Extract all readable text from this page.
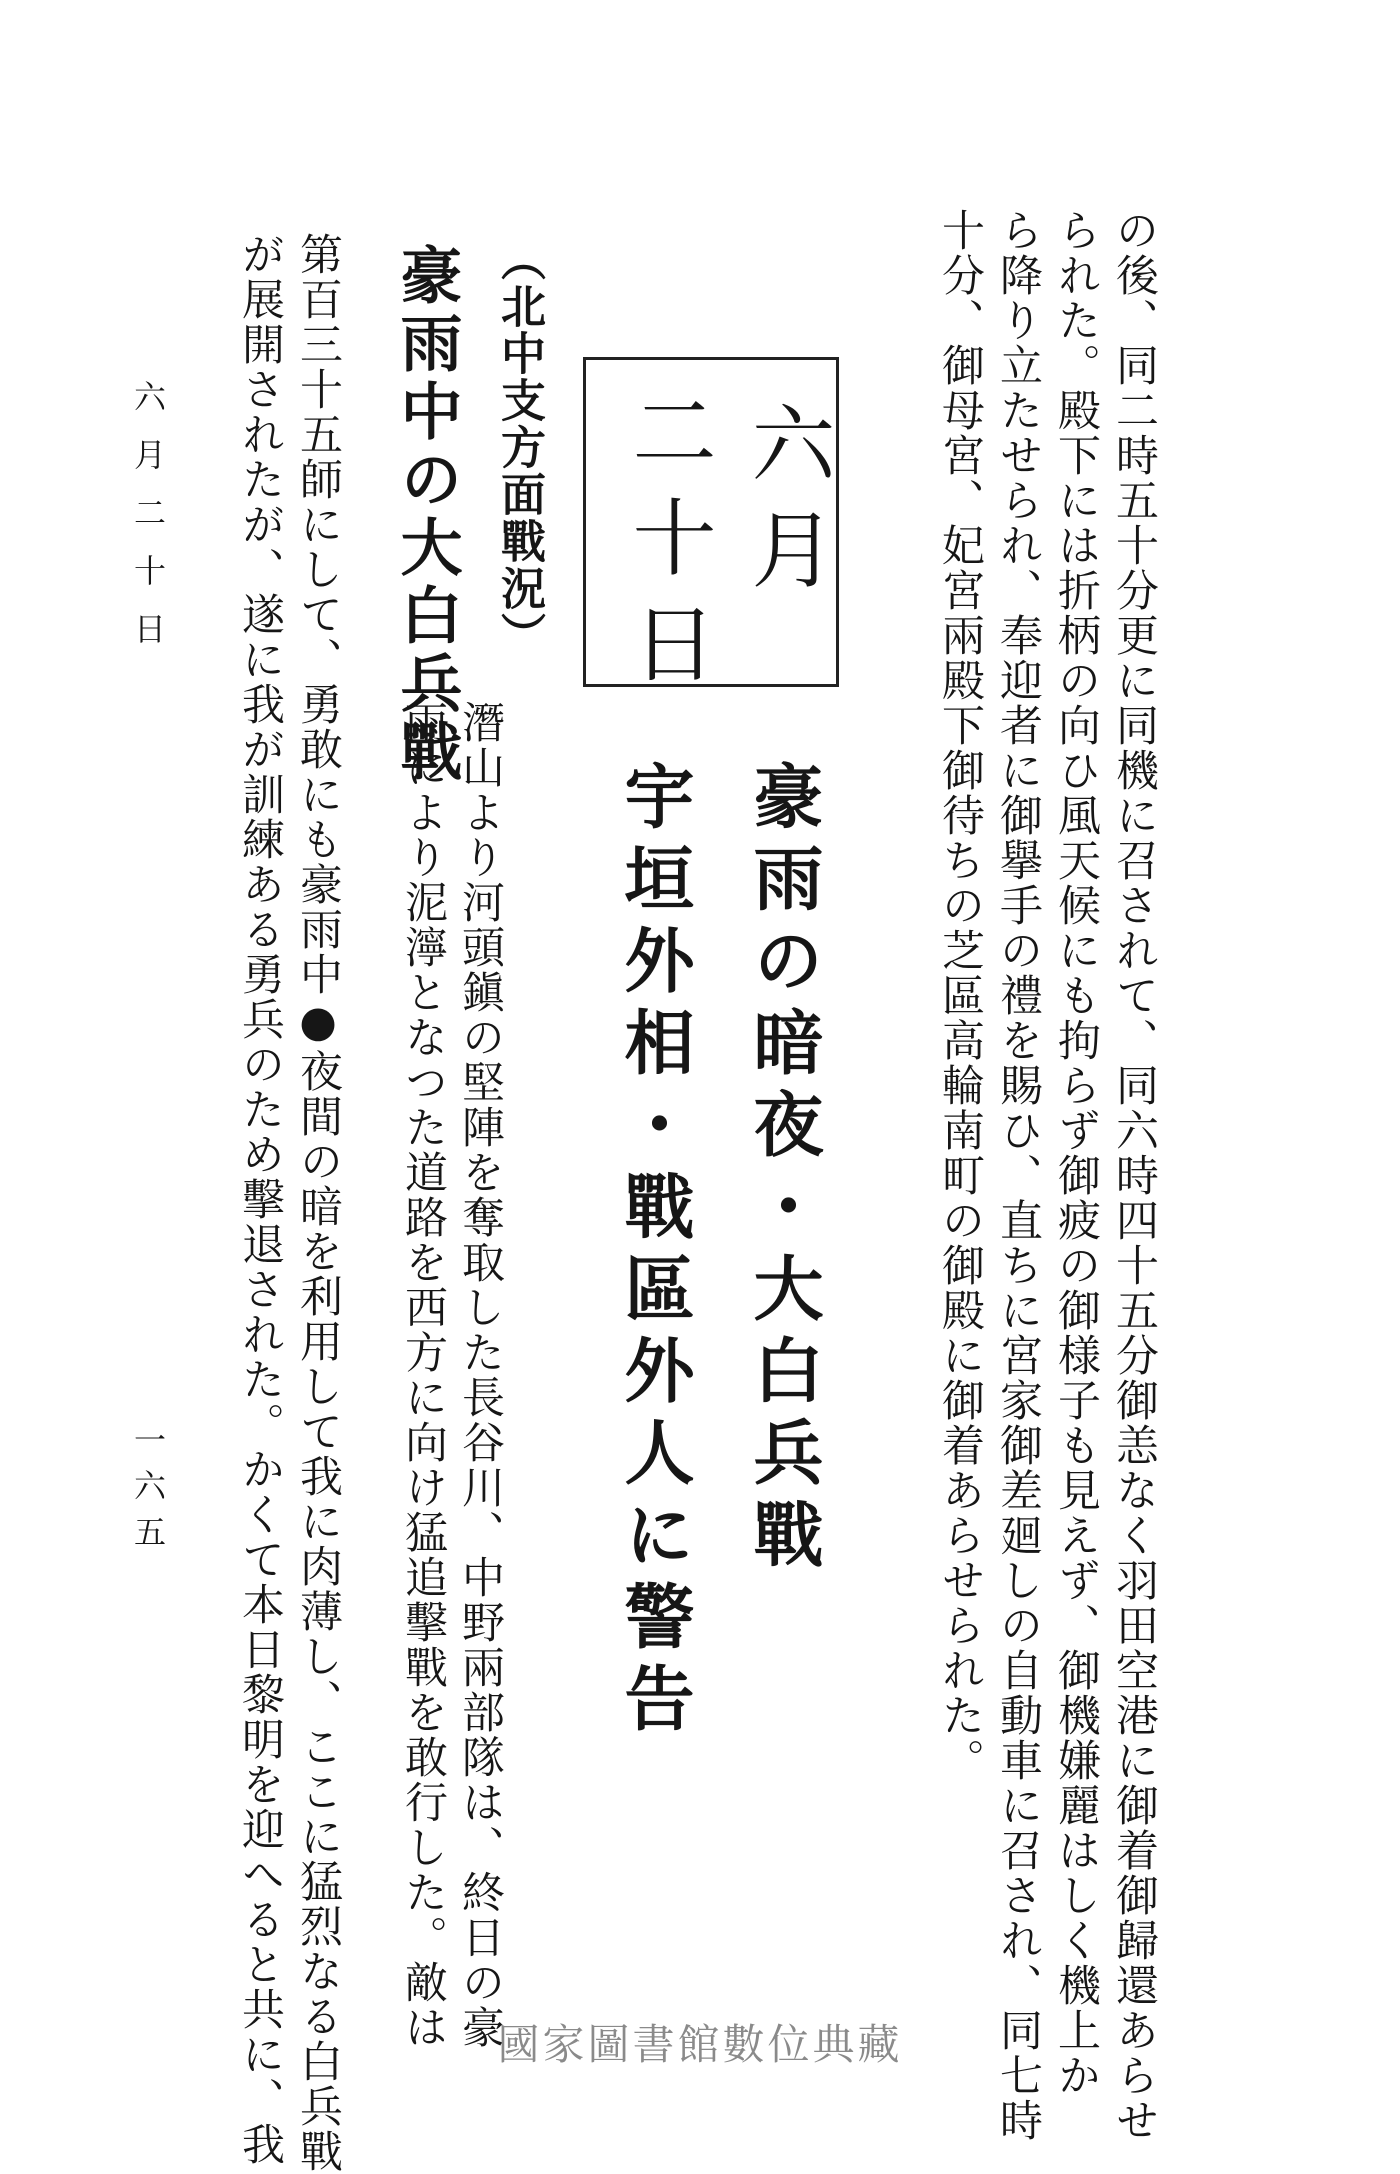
の後、同二時五十分更に同機に召されて、同六時四十五分御恙なく羽田空港に御着御歸還あらせ

られた。殿下には折柄の向ひ風天候にも拘らず御疲の御様子も見えず、御機嫌麗はしく機上か

ら降り立たせられ、奉迎者に御擧手の禮を賜ひ、直ちに宮家御差廻しの自動車に召され、同七時

十分、御母宮、妃宮兩殿下御待ちの芝區高輪南町の御殿に御着あらせられた。

六月

二十日

豪雨の暗夜・大白兵戰
宇垣外相・戰區外人に警告

（北中支方面戰況）

豪雨中の大白兵戰

潛山より河頭鎭の堅陣を奪取した長谷川、中野兩部隊は、終日の豪

雨により泥濘となつた道路を西方に向け猛追擊戰を敢行した。敵は

第百三十五師にして、勇敢にも豪雨中●夜間の暗を利用して我に肉薄し、ここに猛烈なる白兵戰

が展開されたが、遂に我が訓練ある勇兵のため擊退された。かくて本日黎明を迎へると共に、我

六月二十日

一六五

國家圖書館數位典藏
